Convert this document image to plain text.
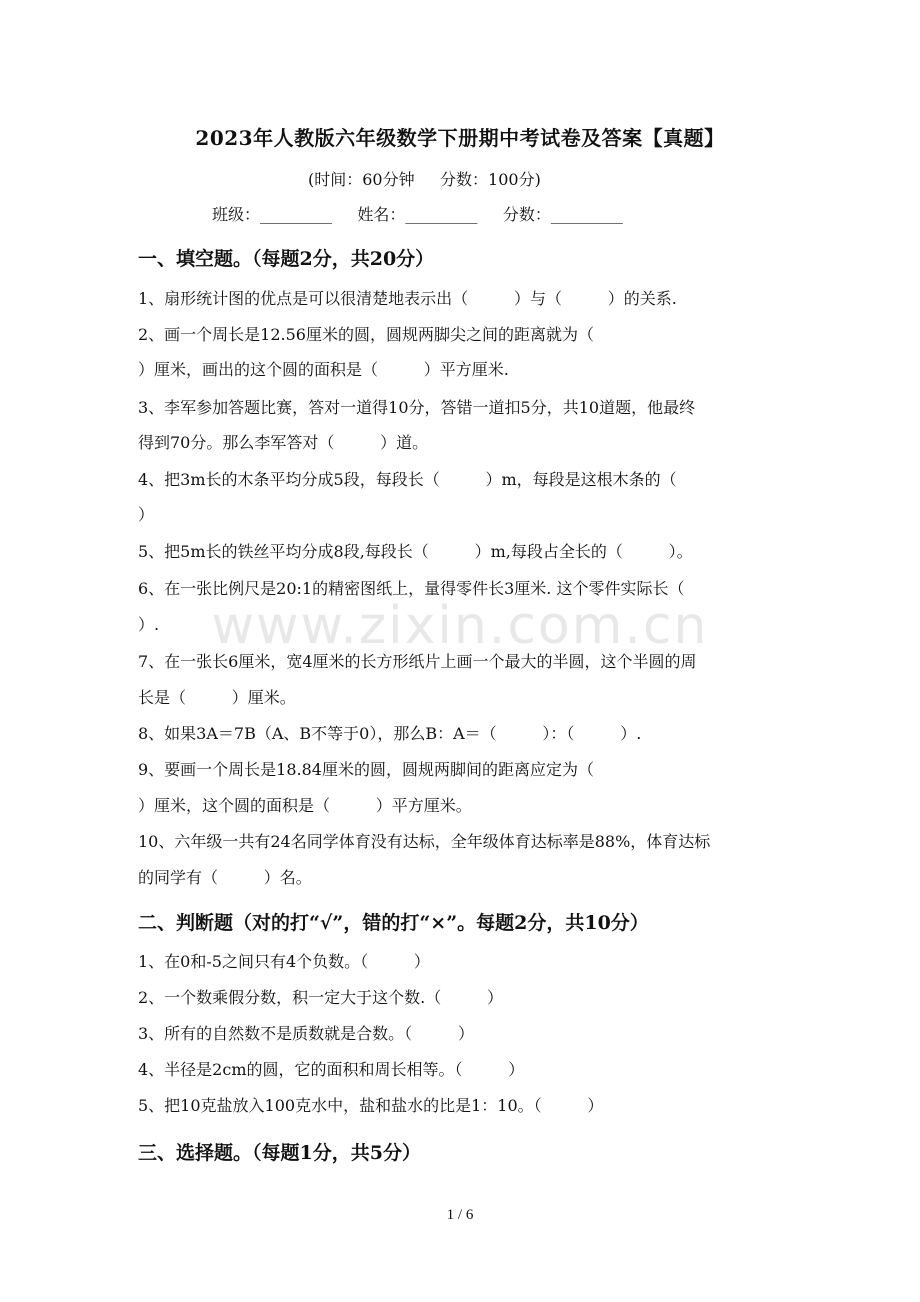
2023年人教版六年级数学下册期中考试卷及答案【真题】
(时间：60分钟     分数：100分)
班级：_________     姓名：_________     分数：_________
一、填空题。（每题2分，共20分）
1、扇形统计图的优点是可以很清楚地表示出（         ）与（         ）的关系.
2、画一个周长是12.56厘米的圆，圆规两脚尖之间的距离就为（
）厘米，画出的这个圆的面积是（         ）平方厘米.
3、李军参加答题比赛，答对一道得10分，答错一道扣5分，共10道题，他最终
得到70分。那么李军答对（         ）道。
4、把3m长的木条平均分成5段，每段长（         ）m，每段是这根木条的（
）
5、把5m长的铁丝平均分成8段,每段长（         ）m,每段占全长的（         ）。
6、在一张比例尺是20:1的精密图纸上，量得零件长3厘米. 这个零件实际长（
）.
7、在一张长6厘米，宽4厘米的长方形纸片上画一个最大的半圆，这个半圆的周
长是（         ）厘米。
8、如果3A＝7B（A、B不等于0），那么B：A＝（         ）：（         ）.
9、要画一个周长是18.84厘米的圆，圆规两脚间的距离应定为（
）厘米，这个圆的面积是（         ）平方厘米。
10、六年级一共有24名同学体育没有达标，全年级体育达标率是88%，体育达标
的同学有（         ）名。
二、判断题（对的打“√”，错的打“×”。每题2分，共10分）
1、在0和-5之间只有4个负数。（         ）
2、一个数乘假分数，积一定大于这个数.（         ）
3、所有的自然数不是质数就是合数。（         ）
4、半径是2cm的圆，它的面积和周长相等。（         ）
5、把10克盐放入100克水中，盐和盐水的比是1：10。（         ）
三、选择题。（每题1分，共5分）
www.zixin.com.cn
1 / 6
